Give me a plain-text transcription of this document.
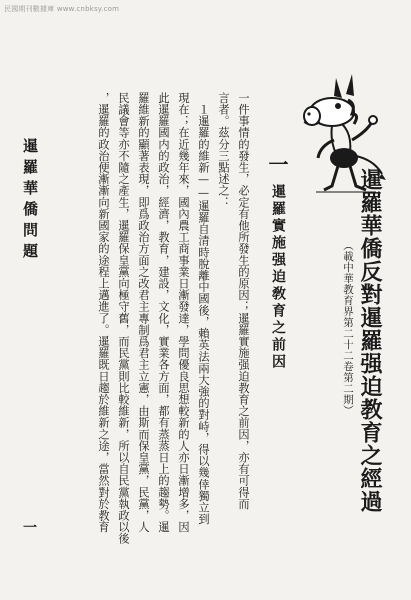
民國期刊數據庫 www.cnbksy.com
暹羅華僑反對暹羅强迫教育之經過
（載中華教育界第二十二卷第二期）
一
暹羅實施强迫敎育之前因
一件事情的發生，必定有他所發生的原因；暹羅實施强迫教育之前因，亦有可得而
言者。茲分三點述之：
　１暹羅的維新——暹羅自清時脫離中國後，賴英法兩大強的對峙，得以幾倖獨立到
現在；在近幾年來，國內農工商事業日漸發達，學問優良思想較新的人亦日漸增多，因
此暹羅國内的政治，經濟，教育，建設，文化，實業各方面，都有蒸蒸日上的趨勢。暹
羅維新的顯著表現，即爲政治方面之改君主專制爲君主立憲，由斯而保皇黨，民黨，人
民議會等亦不隨之產生，暹羅保皇黨向極守舊，而民黨則比較維新，所以自民黨執政以後
，暹羅的政治便漸漸向新國家的途程上邁進了。暹羅既日趨於維新之途，當然對於教育
暹羅華僑問題
一
